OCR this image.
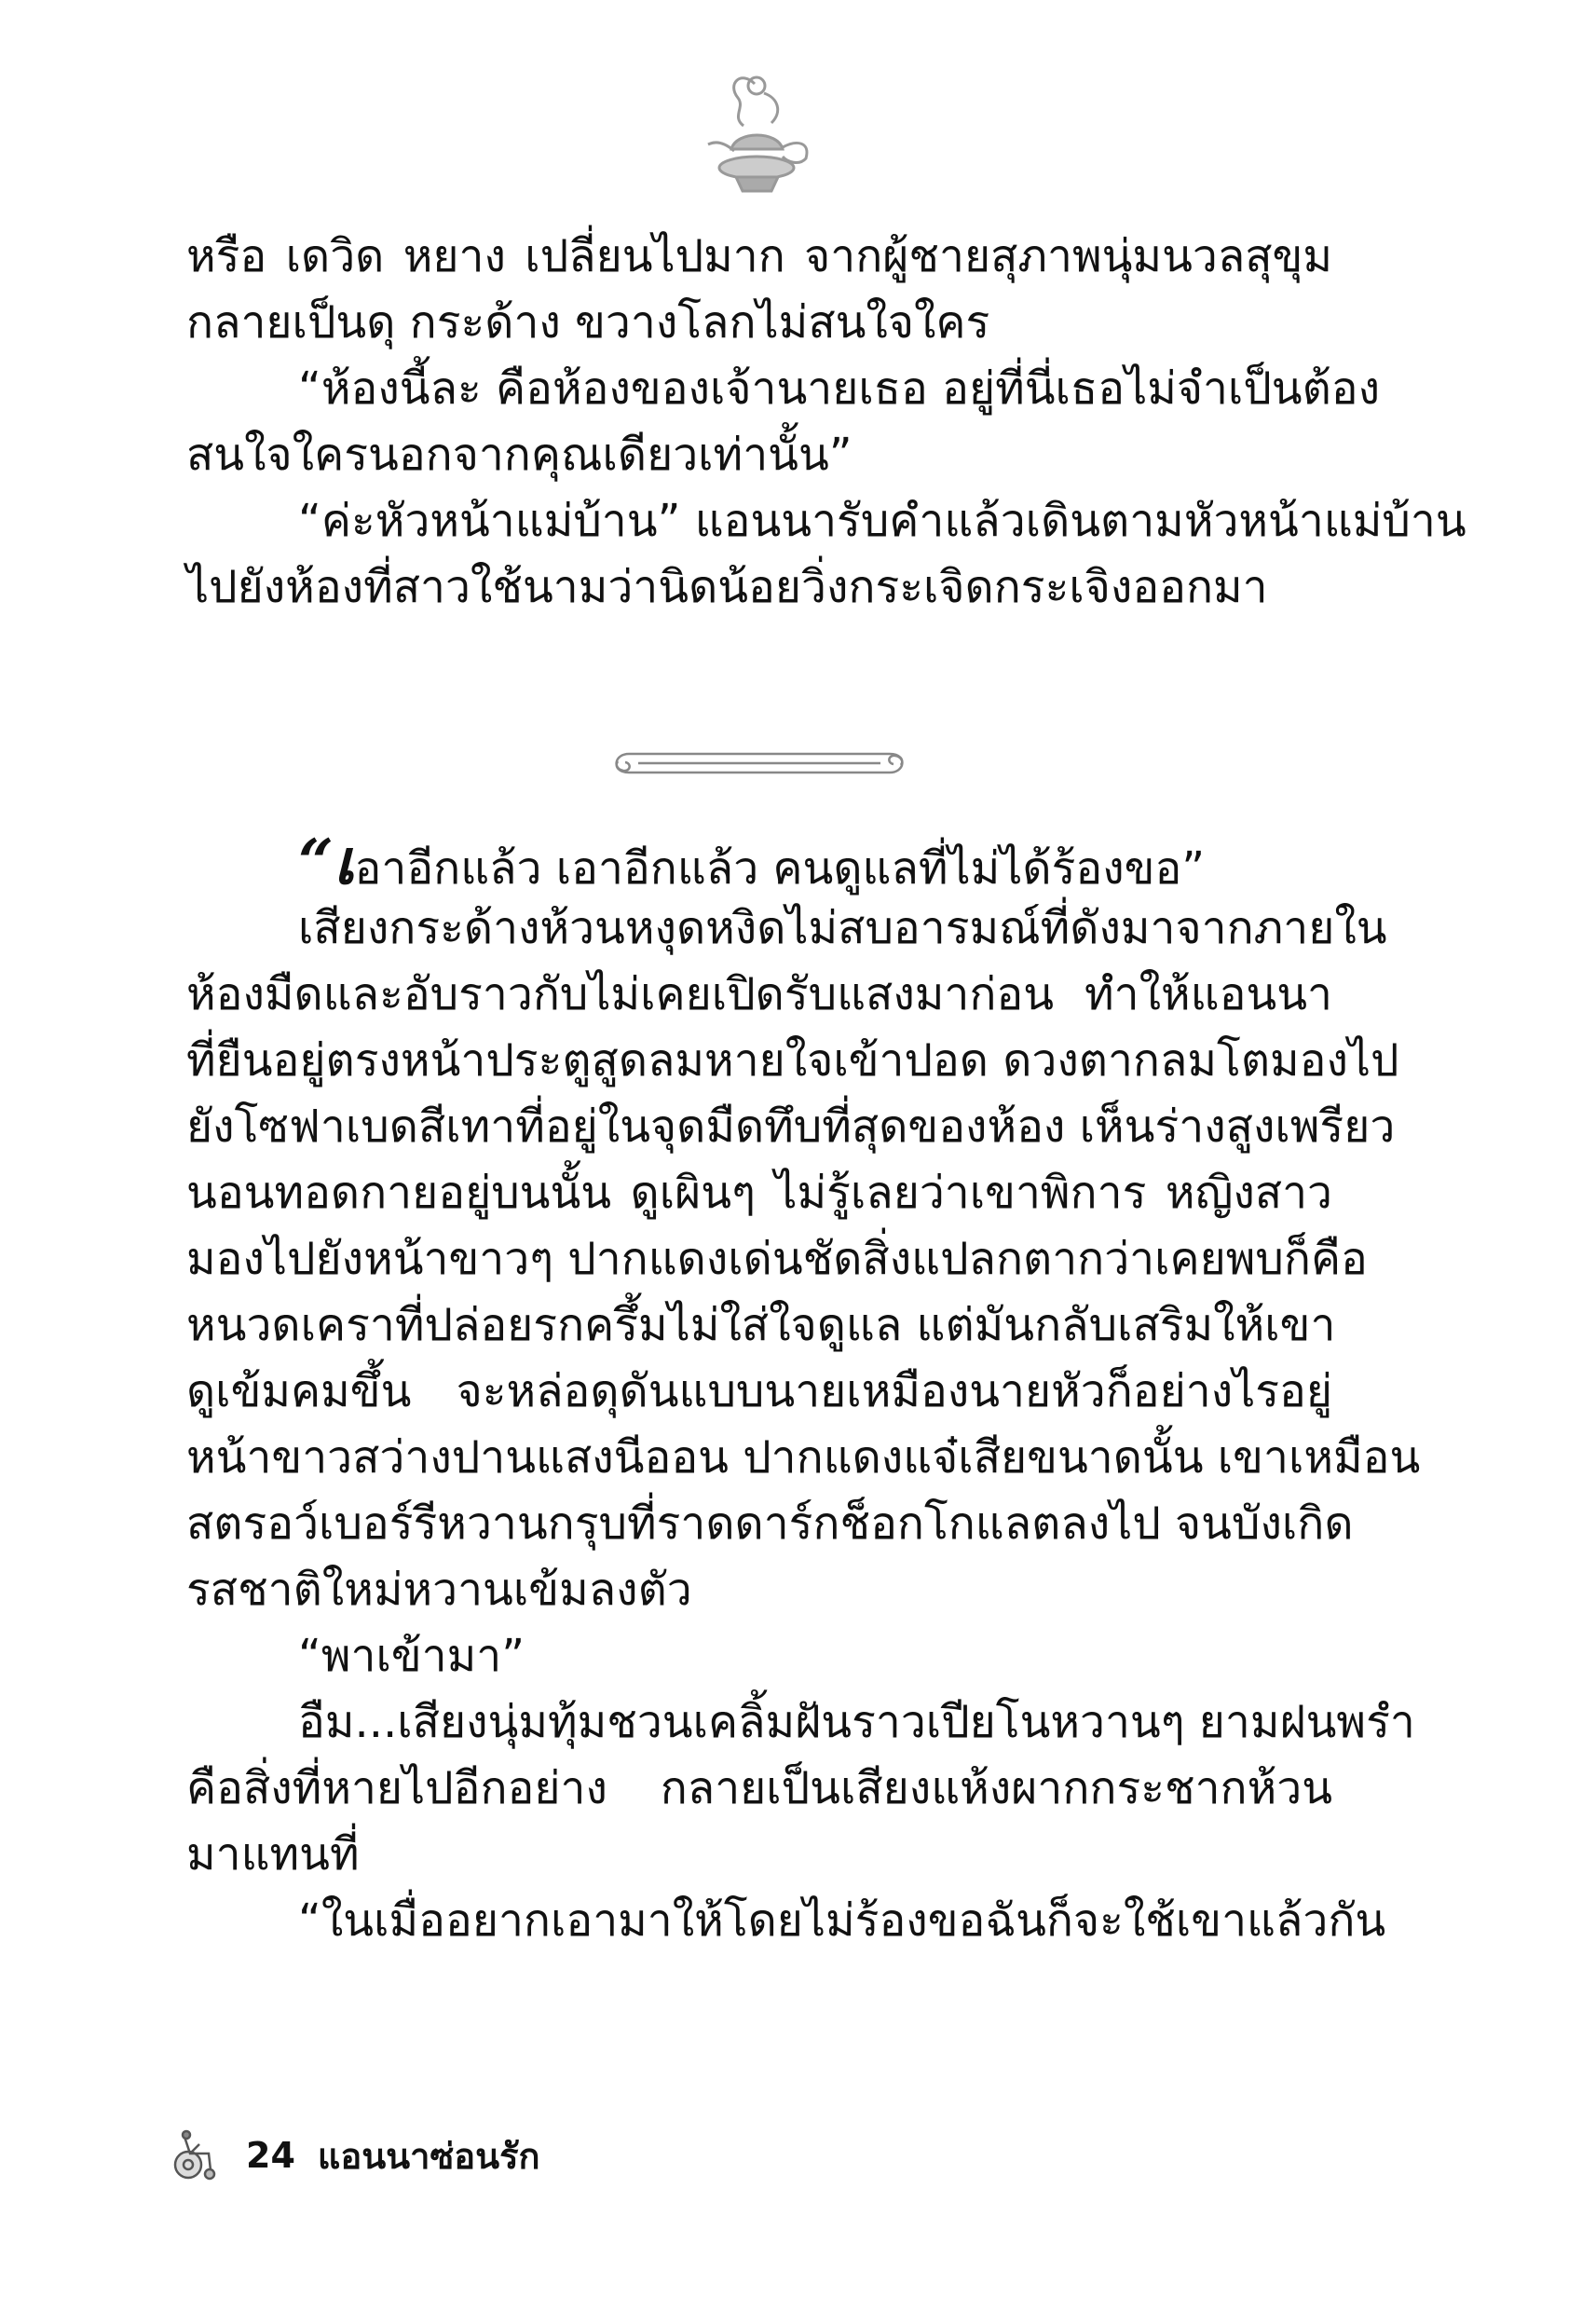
หรือ เดวิด หยาง เปลี่ยนไปมาก จากผู้ชายสุภาพนุ่มนวลสุขุม
กลายเป็นดุ กระด้าง ขวางโลกไม่สนใจใคร
“ห้องนี้ละ คือห้องของเจ้านายเธอ อยู่ที่นี่เธอไม่จำเป็นต้อง
สนใจใครนอกจากคุณเดียวเท่านั้น”
“ค่ะหัวหน้าแม่บ้าน” แอนนารับคำแล้วเดินตามหัวหน้าแม่บ้าน
ไปยังห้องที่สาวใช้นามว่านิดน้อยวิ่งกระเจิดกระเจิงออกมา
“เอาอีกแล้ว เอาอีกแล้ว คนดูแลที่ไม่ได้ร้องขอ”
เสียงกระด้างห้วนหงุดหงิดไม่สบอารมณ์ที่ดังมาจากภายใน
ห้องมืดและอับราวกับไม่เคยเปิดรับแสงมาก่อน ทำให้แอนนา
ที่ยืนอยู่ตรงหน้าประตูสูดลมหายใจเข้าปอด ดวงตากลมโตมองไป
ยังโซฟาเบดสีเทาที่อยู่ในจุดมืดทึบที่สุดของห้อง เห็นร่างสูงเพรียว
นอนทอดกายอยู่บนนั้น ดูเผินๆ ไม่รู้เลยว่าเขาพิการ หญิงสาว
มองไปยังหน้าขาวๆ ปากแดงเด่นชัดสิ่งแปลกตากว่าเคยพบก็คือ
หนวดเคราที่ปล่อยรกครึ้มไม่ใส่ใจดูแล แต่มันกลับเสริมให้เขา
ดูเข้มคมขึ้น จะหล่อดุดันแบบนายเหมืองนายหัวก็อย่างไรอยู่
หน้าขาวสว่างปานแสงนีออน ปากแดงแจ๋เสียขนาดนั้น เขาเหมือน
สตรอว์เบอร์รีหวานกรุบที่ราดดาร์กช็อกโกแลตลงไป จนบังเกิด
รสชาติใหม่หวานเข้มลงตัว
“พาเข้ามา”
อืม...เสียงนุ่มทุ้มชวนเคลิ้มฝันราวเปียโนหวานๆ ยามฝนพรำ
คือสิ่งที่หายไปอีกอย่าง กลายเป็นเสียงแห้งผากกระชากห้วน
มาแทนที่
“ในเมื่ออยากเอามาให้โดยไม่ร้องขอฉันก็จะใช้เขาแล้วกัน
24 แอนนาซ่อนรัก
